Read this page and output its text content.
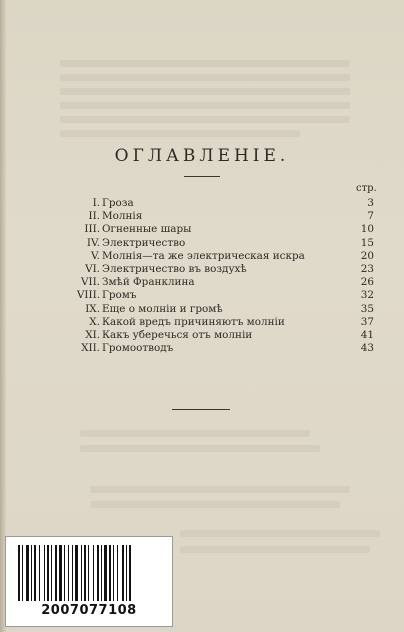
ОГЛАВЛЕНІЕ.
стр.
I. Гроза	3
II. Молнія	7
III. Огненные шары	10
IV. Электричество	15
V. Молнія—та же электрическая искра	20
VI. Электричество въ воздухѣ	23
VII. Змѣй Франклина	26
VIII. Громъ	32
IX. Еще о молніи и громѣ	35
X. Какой вредъ причиняютъ молніи	37
XI. Какъ уберечься отъ молніи	41
XII. Громоотводъ	43
2007077108
